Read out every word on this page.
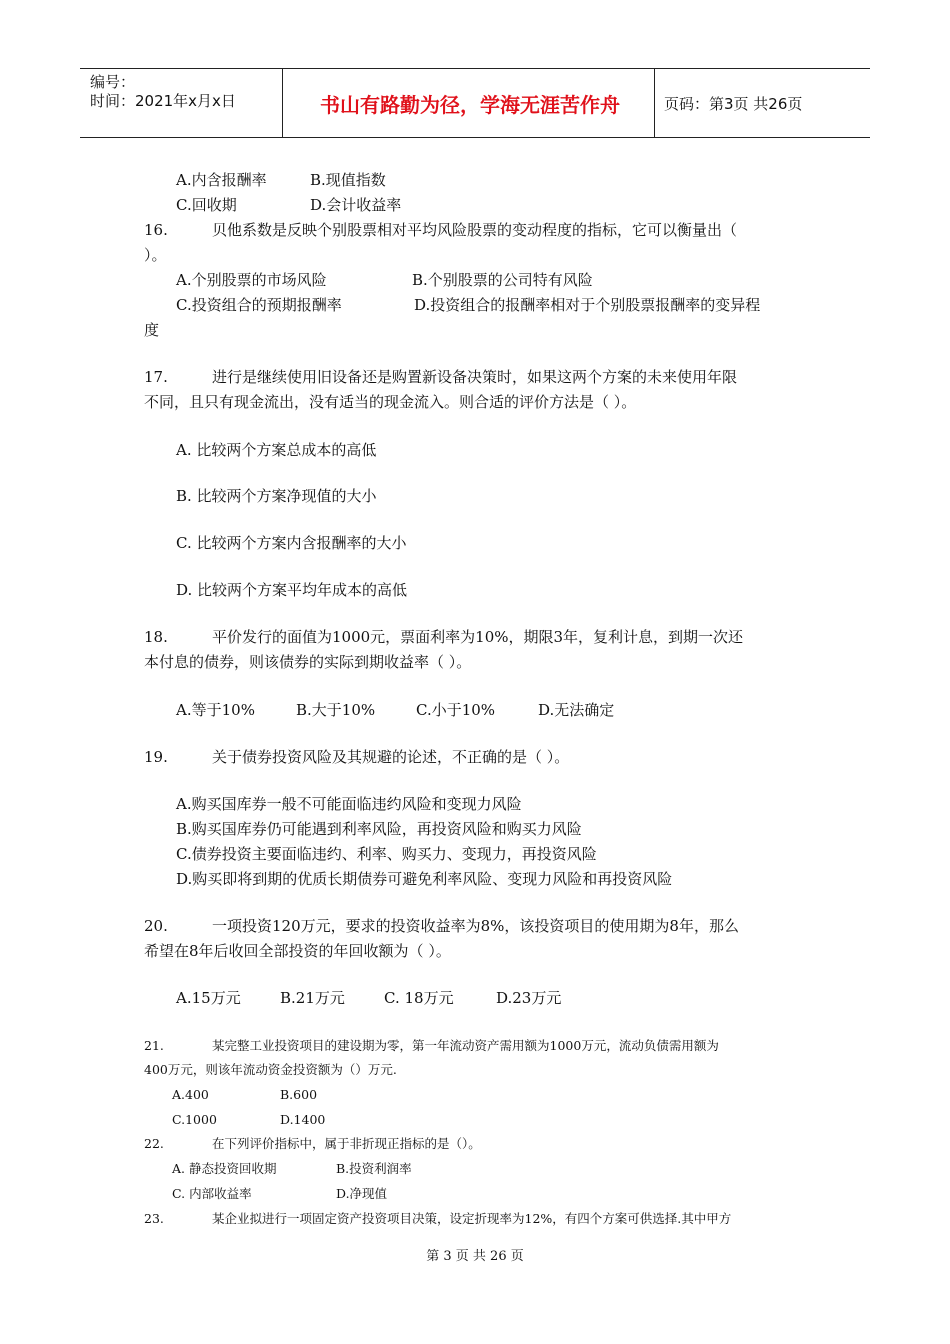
编号：
时间：2021年x月x日	书山有路勤为径，学海无涯苦作舟	页码：第3页 共26页
A.内含报酬率	B.现值指数
C.回收期	D.会计收益率
16.	贝他系数是反映个别股票相对平均风险股票的变动程度的指标，它可以衡量出（
）。
A.个别股票的市场风险	B.个别股票的公司特有风险
C.投资组合的预期报酬率	D.投资组合的报酬率相对于个别股票报酬率的变异程
度
17.	进行是继续使用旧设备还是购置新设备决策时，如果这两个方案的未来使用年限
不同，且只有现金流出，没有适当的现金流入。则合适的评价方法是（ ）。
A. 比较两个方案总成本的高低
B. 比较两个方案净现值的大小
C. 比较两个方案内含报酬率的大小
D. 比较两个方案平均年成本的高低
18.	平价发行的面值为1000元，票面利率为10%，期限3年，复利计息，到期一次还
本付息的债券，则该债券的实际到期收益率（ ）。
A.等于10%	B.大于10%	C.小于10%	D.无法确定
19.	关于债券投资风险及其规避的论述，不正确的是（ ）。
A.购买国库券一般不可能面临违约风险和变现力风险
B.购买国库券仍可能遇到利率风险，再投资风险和购买力风险
C.债券投资主要面临违约、利率、购买力、变现力，再投资风险
D.购买即将到期的优质长期债券可避免利率风险、变现力风险和再投资风险
20.	一项投资120万元，要求的投资收益率为8%，该投资项目的使用期为8年，那么
希望在8年后收回全部投资的年回收额为（ ）。
A.15万元	B.21万元	C. 18万元	D.23万元
21.	某完整工业投资项目的建设期为零，第一年流动资产需用额为1000万元，流动负债需用额为
400万元，则该年流动资金投资额为（）万元.
A.400	B.600
C.1000	D.1400
22.	在下列评价指标中，属于非折现正指标的是（）。
A. 静态投资回收期	B.投资利润率
C. 内部收益率	D.净现值
23.	某企业拟进行一项固定资产投资项目决策，设定折现率为12%，有四个方案可供选择.其中甲方
第 3 页 共 26 页
